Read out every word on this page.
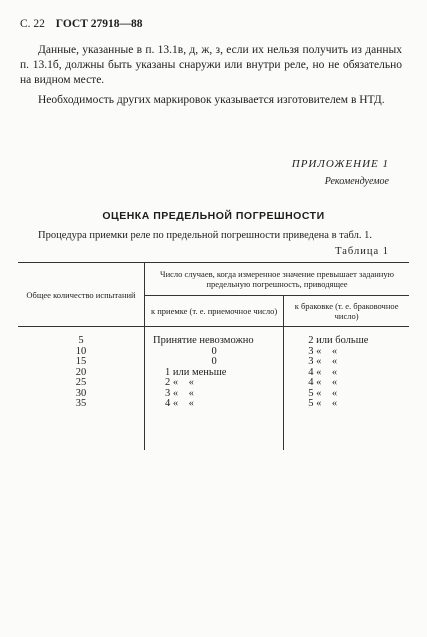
С. 22 ГОСТ 27918—88
Данные, указанные в п. 13.1в, д, ж, з, если их нельзя получить из данных п. 13.1б, должны быть указаны снаружи или внутри реле, но не обязательно на видном месте.
Необходимость других маркировок указывается изготовителем в НТД.
ПРИЛОЖЕНИЕ 1
Рекомендуемое
ОЦЕНКА ПРЕДЕЛЬНОЙ ПОГРЕШНОСТИ
Процедура приемки реле по предельной погрешности приведена в табл. 1.
Таблица 1
Общее количество испытаний	Число случаев, когда измеренное значение превышает заданную предельную погрешность, приводящее	
	к приемке (т. е. приемочное число)	к браковке (т. е. браковочное число)
5	Принятие невозможно	2 или больше
10	0	3 «    «
15	0	3 «    «
20	1 или меньше	4 «    «
25	2 «    «	4 «    «
30	3 «    «	5 «    «
35	4 «    «	5 «    «
